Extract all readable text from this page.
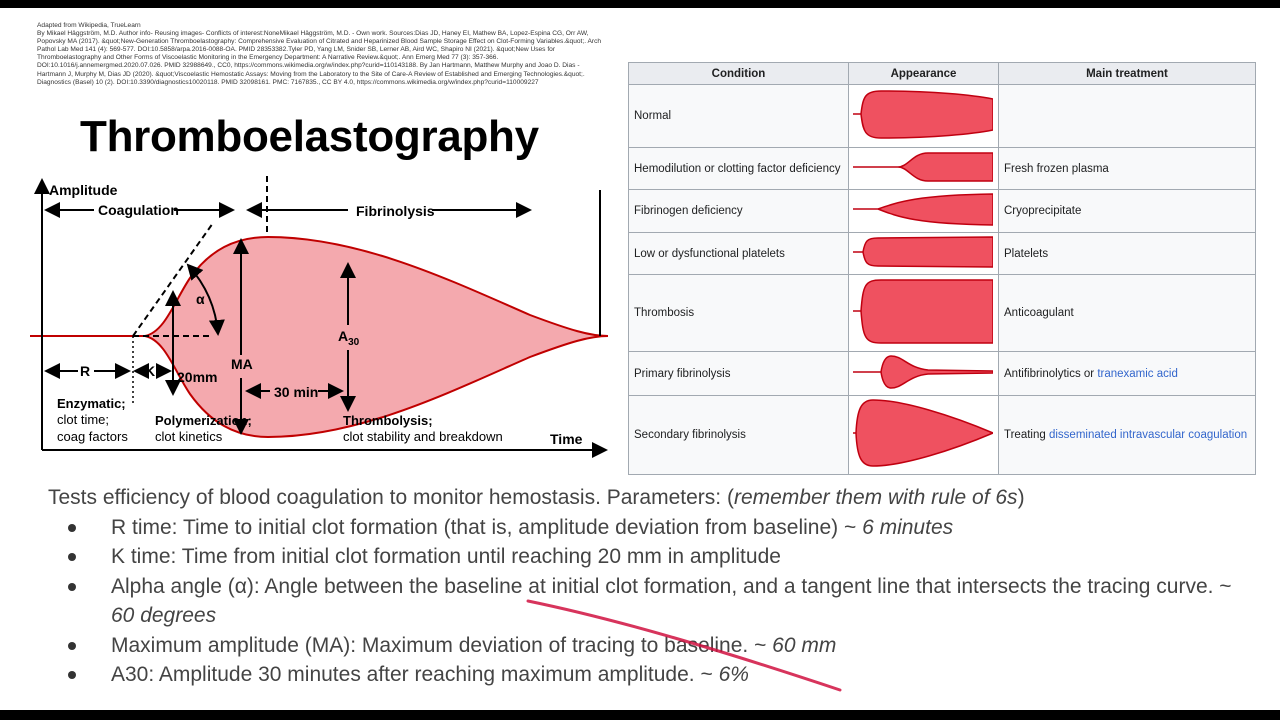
Adapted from Wikipedia, TrueLearn
By Mikael Häggström, M.D. Author info- Reusing images- Conflicts of interest:NoneMikael Häggström, M.D. - Own work. Sources:Dias JD, Haney EI, Mathew BA, Lopez-Espina CG, Orr AW, Popovsky MA (2017). &quot;New-Generation Thromboelastography: Comprehensive Evaluation of Citrated and Heparinized Blood Sample Storage Effect on Clot-Forming Variables.&quot;. Arch Pathol Lab Med 141 (4): 569-577. DOI:10.5858/arpa.2016-0088-OA. PMID 28353382.Tyler PD, Yang LM, Snider SB, Lerner AB, Aird WC, Shapiro NI (2021). &quot;New Uses for Thromboelastography and Other Forms of Viscoelastic Monitoring in the Emergency Department: A Narrative Review.&quot;. Ann Emerg Med 77 (3): 357-366. DOI:10.1016/j.annemergmed.2020.07.026. PMID 32988649., CC0, https://commons.wikimedia.org/w/index.php?curid=110143188. By Jan Hartmann, Matthew Murphy and Joao D. Dias - Hartmann J, Murphy M, Dias JD (2020). &quot;Viscoelastic Hemostatic Assays: Moving from the Laboratory to the Site of Care-A Review of Established and Emerging Technologies.&quot;. Diagnostics (Basel) 10 (2). DOI:10.3390/diagnostics10020118. PMID 32098161. PMC: 7167835., CC BY 4.0, https://commons.wikimedia.org/w/index.php?curid=110009227
Thromboelastography
Amplitude
Coagulation	Fibrinolysis
α
MA
$A_{30}$
R	K 20mm
30 min
Time
Enzymatic;
Polymerization;	Thrombolysis;
clot time;
coag factors clot kinetics	clot stability and breakdown
Condition	Appearance	Main treatment
Normal		
Hemodilution or clotting factor deficiency		Fresh frozen plasma
Fibrinogen deficiency		Cryoprecipitate
Low or dysfunctional platelets		Platelets
Thrombosis		Anticoagulant
Primary fibrinolysis		Antifibrinolytics or tranexamic acid
Secondary fibrinolysis		Treating disseminated intravascular coagulation
Tests efficiency of blood coagulation to monitor hemostasis. Parameters: (remember them with rule of 6s)
R time: Time to initial clot formation (that is, amplitude deviation from baseline) ~ 6 minutes
K time: Time from initial clot formation until reaching 20 mm in amplitude
Alpha angle (α): Angle between the baseline at initial clot formation, and a tangent line that intersects the tracing curve. ~ 60 degrees
Maximum amplitude (MA): Maximum deviation of tracing to baseline. ~ 60 mm
A30: Amplitude 30 minutes after reaching maximum amplitude. ~ 6%
